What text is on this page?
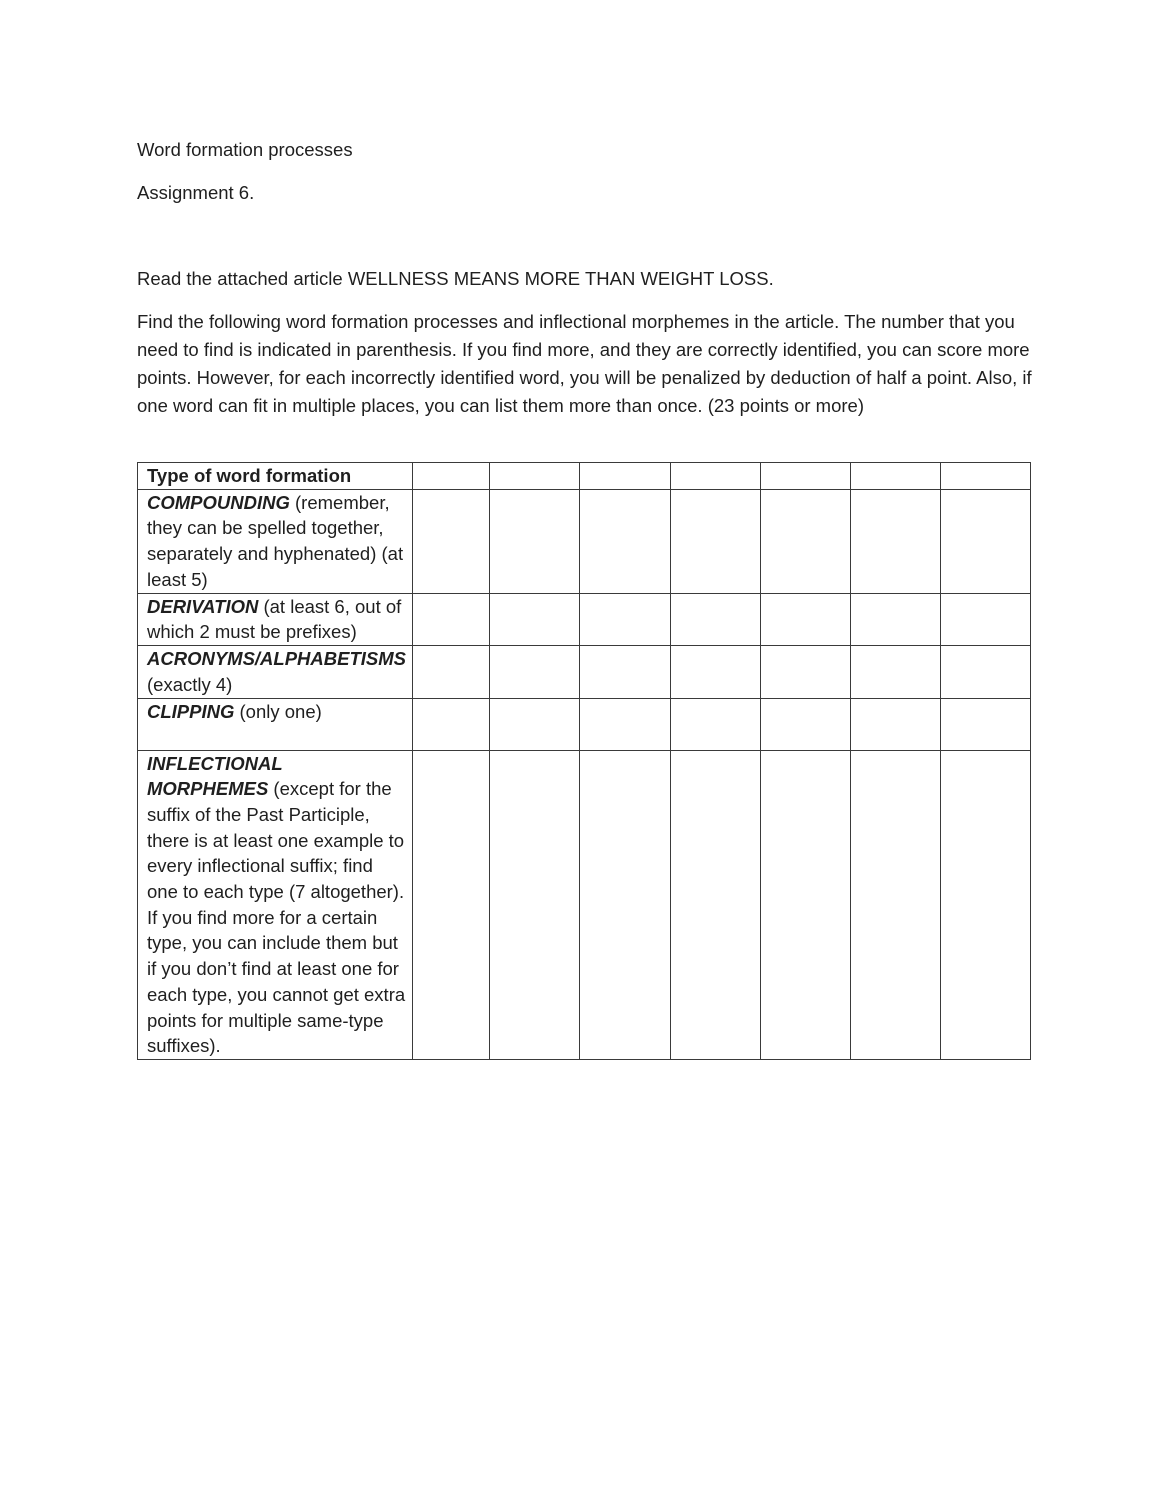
Word formation processes

Assignment 6.

Read the attached article WELLNESS MEANS MORE THAN WEIGHT LOSS.

Find the following word formation processes and inflectional morphemes in the article. The number that you need to find is indicated in parenthesis. If you find more, and they are correctly identified, you can score more points. However, for each incorrectly identified word, you will be penalized by deduction of half a point. Also, if one word can fit in multiple places, you can list them more than once. (23 points or more)

Type of word formation							
COMPOUNDING (remember, they can be spelled together, separately and hyphenated) (at least 5)							
DERIVATION (at least 6, out of which 2 must be prefixes)							
ACRONYMS/ALPHABETISMS (exactly 4)							
CLIPPING (only one)							
INFLECTIONAL MORPHEMES (except for the suffix of the Past Participle, there is at least one example to every inflectional suffix; find one to each type (7 altogether). If you find more for a certain type, you can include them but if you don’t find at least one for each type, you cannot get extra points for multiple same-type suffixes).							
